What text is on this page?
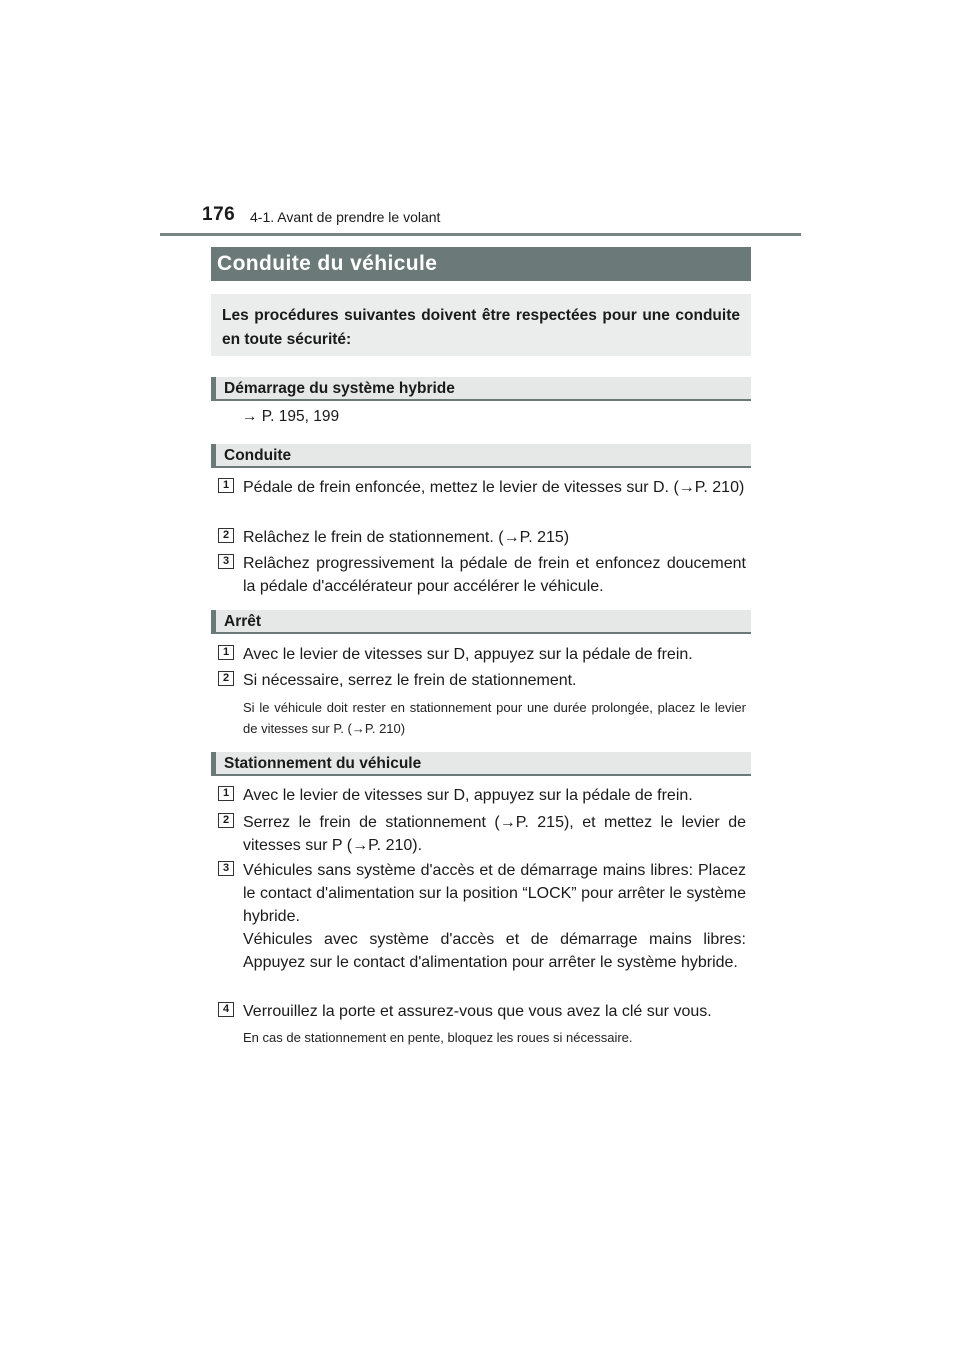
176 4-1. Avant de prendre le volant
Conduite du véhicule
Les procédures suivantes doivent être respectées pour une conduite en toute sécurité:
Démarrage du système hybride
→ P. 195, 199
Conduite
1 Pédale de frein enfoncée, mettez le levier de vitesses sur D. (→P. 210)
2 Relâchez le frein de stationnement. (→P. 215)
3 Relâchez progressivement la pédale de frein et enfoncez doucement la pédale d'accélérateur pour accélérer le véhicule.
Arrêt
1 Avec le levier de vitesses sur D, appuyez sur la pédale de frein.
2 Si nécessaire, serrez le frein de stationnement.
Si le véhicule doit rester en stationnement pour une durée prolongée, placez le levier de vitesses sur P. (→P. 210)
Stationnement du véhicule
1 Avec le levier de vitesses sur D, appuyez sur la pédale de frein.
2 Serrez le frein de stationnement (→P. 215), et mettez le levier de vitesses sur P (→P. 210).
3 Véhicules sans système d'accès et de démarrage mains libres: Placez le contact d'alimentation sur la position “LOCK” pour arrêter le système hybride.
Véhicules avec système d'accès et de démarrage mains libres: Appuyez sur le contact d'alimentation pour arrêter le système hybride.
4 Verrouillez la porte et assurez-vous que vous avez la clé sur vous.
En cas de stationnement en pente, bloquez les roues si nécessaire.
